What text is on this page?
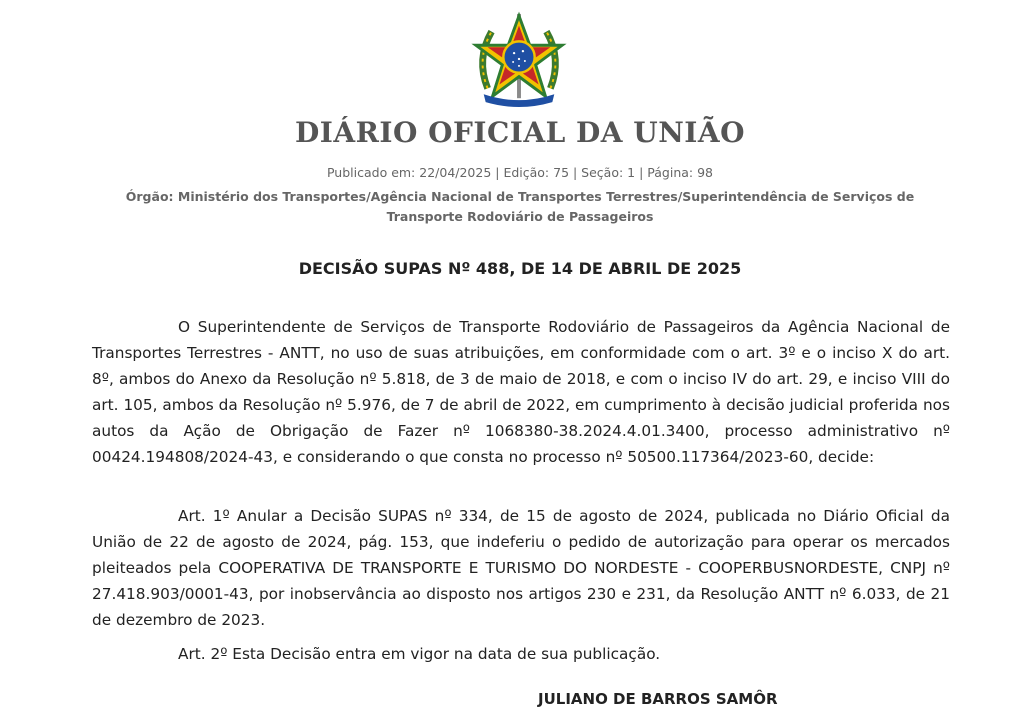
DIÁRIO OFICIAL DA UNIÃO
Publicado em: 22/04/2025 | Edição: 75 | Seção: 1 | Página: 98
Órgão: Ministério dos Transportes/Agência Nacional de Transportes Terrestres/Superintendência de Serviços de Transporte Rodoviário de Passageiros
DECISÃO SUPAS Nº 488, DE 14 DE ABRIL DE 2025

O Superintendente de Serviços de Transporte Rodoviário de Passageiros da Agência Nacional de Transportes Terrestres - ANTT, no uso de suas atribuições, em conformidade com o art. 3º e o inciso X do art. 8º, ambos do Anexo da Resolução nº 5.818, de 3 de maio de 2018, e com o inciso IV do art. 29, e inciso VIII do art. 105, ambos da Resolução nº 5.976, de 7 de abril de 2022, em cumprimento à decisão judicial proferida nos autos da Ação de Obrigação de Fazer nº 1068380-38.2024.4.01.3400, processo administrativo nº 00424.194808/2024-43, e considerando o que consta no processo nº 50500.117364/2023-60, decide:

Art. 1º Anular a Decisão SUPAS nº 334, de 15 de agosto de 2024, publicada no Diário Oficial da União de 22 de agosto de 2024, pág. 153, que indeferiu o pedido de autorização para operar os mercados pleiteados pela COOPERATIVA DE TRANSPORTE E TURISMO DO NORDESTE - COOPERBUSNORDESTE, CNPJ nº 27.418.903/0001-43, por inobservância ao disposto nos artigos 230 e 231, da Resolução ANTT nº 6.033, de 21 de dezembro de 2023.

Art. 2º Esta Decisão entra em vigor na data de sua publicação.

JULIANO DE BARROS SAMÔR
